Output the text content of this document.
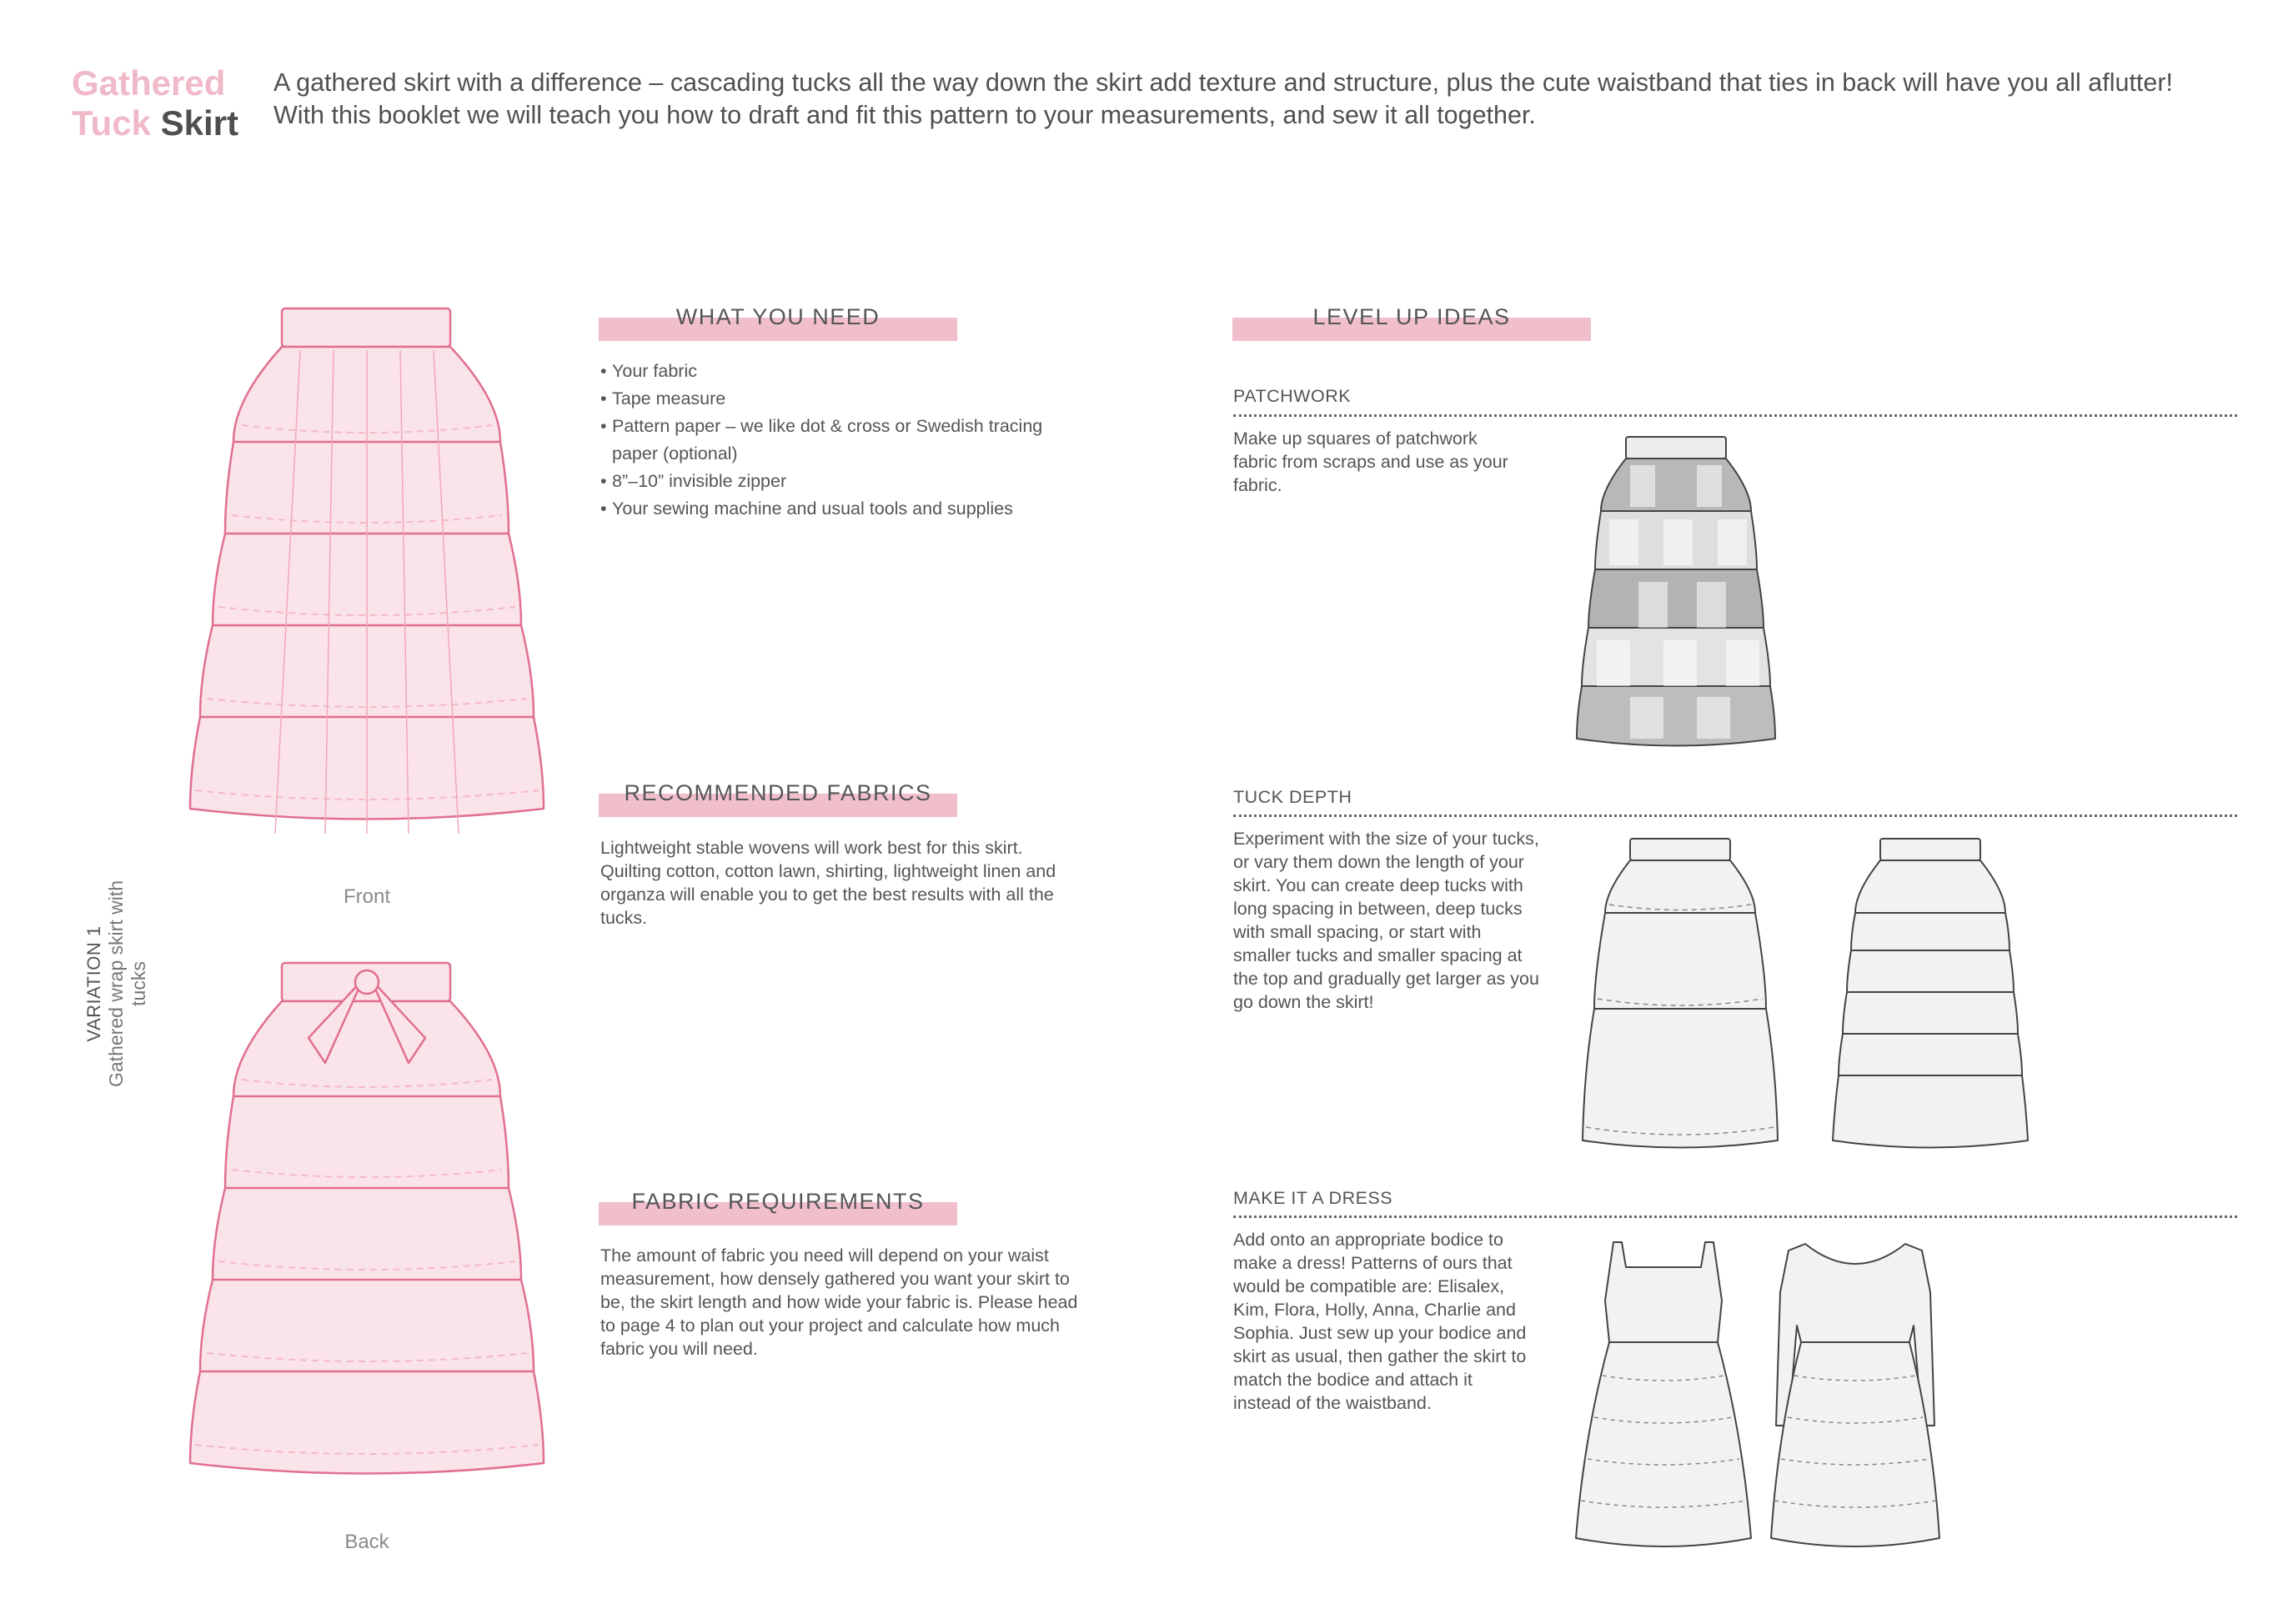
Gathered
Tuck Skirt
A gathered skirt with a difference – cascading tucks all the way down the skirt add texture and structure, plus the cute waistband that ties in back will have you all aflutter! With this booklet we will teach you how to draft and fit this pattern to your measurements, and sew it all together.
VARIATION 1 Gathered wrap skirt with tucks
Front
Back
WHAT YOU NEED
• Your fabric
• Tape measure
• Pattern paper – we like dot & cross or Swedish tracing paper (optional)
• 8”–10” invisible zipper
• Your sewing machine and usual tools and supplies
RECOMMENDED FABRICS
Lightweight stable wovens will work best for this skirt. Quilting cotton, cotton lawn, shirting, lightweight linen and organza will enable you to get the best results with all the tucks.
FABRIC REQUIREMENTS
The amount of fabric you need will depend on your waist measurement, how densely gathered you want your skirt to be, the skirt length and how wide your fabric is. Please head to page 4 to plan out your project and calculate how much fabric you will need.
LEVEL UP IDEAS
PATCHWORK
Make up squares of patchwork fabric from scraps and use as your fabric.
TUCK DEPTH
Experiment with the size of your tucks, or vary them down the length of your skirt. You can create deep tucks with long spacing in between, deep tucks with small spacing, or start with smaller tucks and smaller spacing at the top and gradually get larger as you go down the skirt!
MAKE IT A DRESS
Add onto an appropriate bodice to make a dress! Patterns of ours that would be compatible are: Elisalex, Kim, Flora, Holly, Anna, Charlie and Sophia. Just sew up your bodice and skirt as usual, then gather the skirt to match the bodice and attach it instead of the waistband.
